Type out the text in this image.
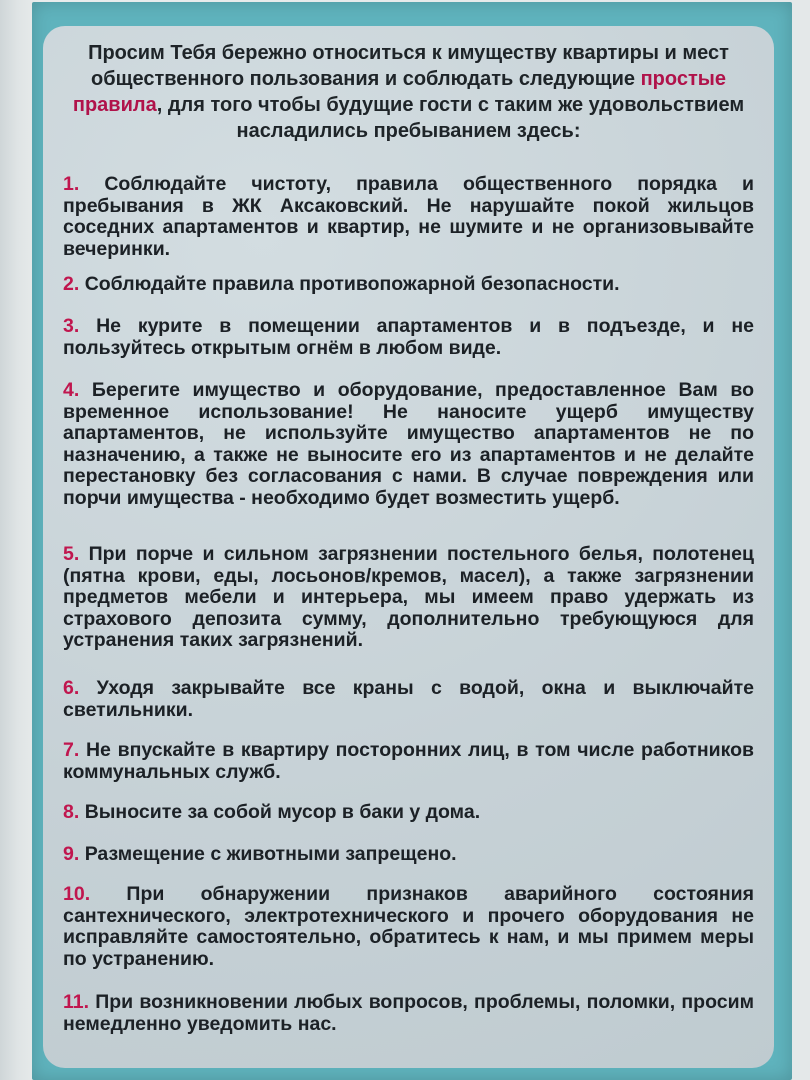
Просим Тебя бережно относиться к имуществу квартиры и мест общественного пользования и соблюдать следующие простые правила, для того чтобы будущие гости с таким же удовольствием насладились пребыванием здесь:

1. Соблюдайте чистоту, правила общественного порядка и пребывания в ЖК Аксаковский. Не нарушайте покой жильцов соседних апартаментов и квартир, не шумите и не организовывайте вечеринки.

2. Соблюдайте правила противопожарной безопасности.

3. Не курите в помещении апартаментов и в подъезде, и не пользуйтесь открытым огнём в любом виде.

4. Берегите имущество и оборудование, предоставленное Вам во временное использование! Не наносите ущерб имуществу апартаментов, не используйте имущество апартаментов не по назначению, а также не выносите его из апартаментов и не делайте перестановку без согласования с нами. В случае повреждения или порчи имущества - необходимо будет возместить ущерб.

5. При порче и сильном загрязнении постельного белья, полотенец (пятна крови, еды, лосьонов/кремов, масел), а также загрязнении предметов мебели и интерьера, мы имеем право удержать из страхового депозита сумму, дополнительно требующуюся для устранения таких загрязнений.

6. Уходя закрывайте все краны с водой, окна и выключайте светильники.

7. Не впускайте в квартиру посторонних лиц, в том числе работников коммунальных служб.

8. Выносите за собой мусор в баки у дома.

9. Размещение с животными запрещено.

10. При обнаружении признаков аварийного состояния сантехнического, электротехнического и прочего оборудования не исправляйте самостоятельно, обратитесь к нам, и мы примем меры по устранению.

11. При возникновении любых вопросов, проблемы, поломки, просим немедленно уведомить нас.
